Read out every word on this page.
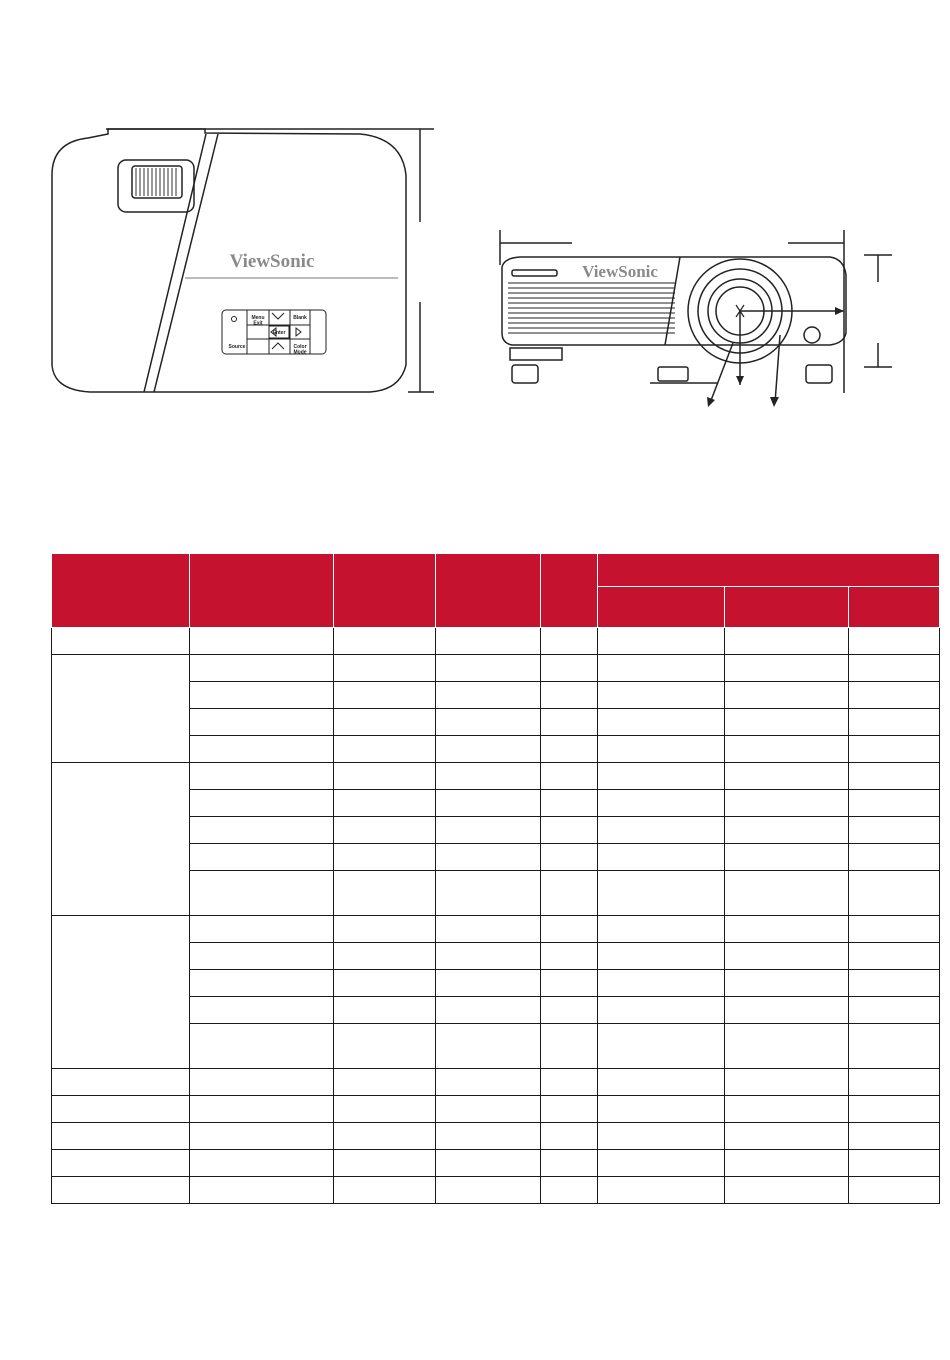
ViewSonic
Menu Exit
Blank
Enter
Source	Color Mode
ViewSonic
